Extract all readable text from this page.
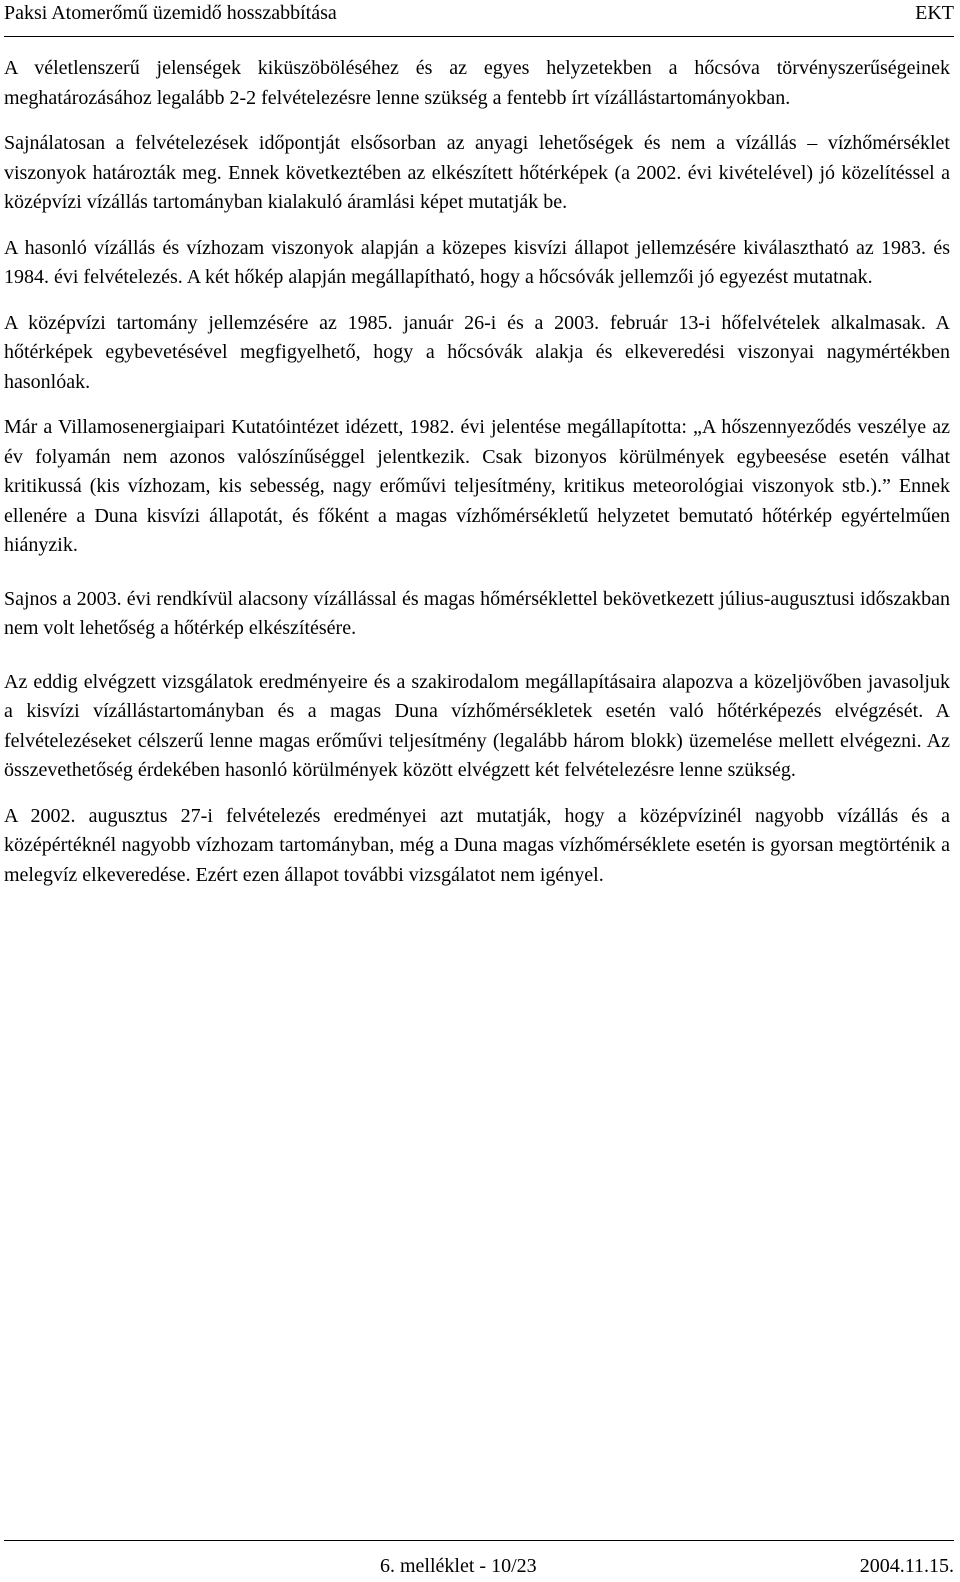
Paksi Atomerőmű üzemidő hosszabbítása	EKT

A véletlenszerű jelenségek kiküszöböléséhez és az egyes helyzetekben a hőcsóva törvényszerűségeinek meghatározásához legalább 2-2 felvételezésre lenne szükség a fentebb írt vízállástartományokban.

Sajnálatosan a felvételezések időpontját elsősorban az anyagi lehetőségek és nem a vízállás – vízhőmérséklet viszonyok határozták meg. Ennek következtében az elkészített hőtérképek (a 2002. évi kivételével) jó közelítéssel a középvízi vízállás tartományban kialakuló áramlási képet mutatják be.

A hasonló vízállás és vízhozam viszonyok alapján a közepes kisvízi állapot jellemzésére kiválasztható az 1983. és 1984. évi felvételezés. A két hőkép alapján megállapítható, hogy a hőcsóvák jellemzői jó egyezést mutatnak.

A középvízi tartomány jellemzésére az 1985. január 26-i és a 2003. február 13-i hőfelvételek alkalmasak. A hőtérképek egybevetésével megfigyelhető, hogy a hőcsóvák alakja és elkeveredési viszonyai nagymértékben hasonlóak.

Már a Villamosenergiaipari Kutatóintézet idézett, 1982. évi jelentése megállapította: „A hőszennyeződés veszélye az év folyamán nem azonos valószínűséggel jelentkezik. Csak bizonyos körülmények egybeesése esetén válhat kritikussá (kis vízhozam, kis sebesség, nagy erőművi teljesítmény, kritikus meteorológiai viszonyok stb.).” Ennek ellenére a Duna kisvízi állapotát, és főként a magas vízhőmérsékletű helyzetet bemutató hőtérkép egyértelműen hiányzik.

Sajnos a 2003. évi rendkívül alacsony vízállással és magas hőmérséklettel bekövetkezett július-augusztusi időszakban nem volt lehetőség a hőtérkép elkészítésére.

Az eddig elvégzett vizsgálatok eredményeire és a szakirodalom megállapításaira alapozva a közeljövőben javasoljuk a kisvízi vízállástartományban és a magas Duna vízhőmérsékletek esetén való hőtérképezés elvégzését. A felvételezéseket célszerű lenne magas erőművi teljesítmény (legalább három blokk) üzemelése mellett elvégezni. Az összevethetőség érdekében hasonló körülmények között elvégzett két felvételezésre lenne szükség.

A 2002. augusztus 27-i felvételezés eredményei azt mutatják, hogy a középvízinél nagyobb vízállás és a középértéknél nagyobb vízhozam tartományban, még a Duna magas vízhőmérséklete esetén is gyorsan megtörténik a melegvíz elkeveredése. Ezért ezen állapot további vizsgálatot nem igényel.

6. melléklet - 10/23	2004.11.15.
